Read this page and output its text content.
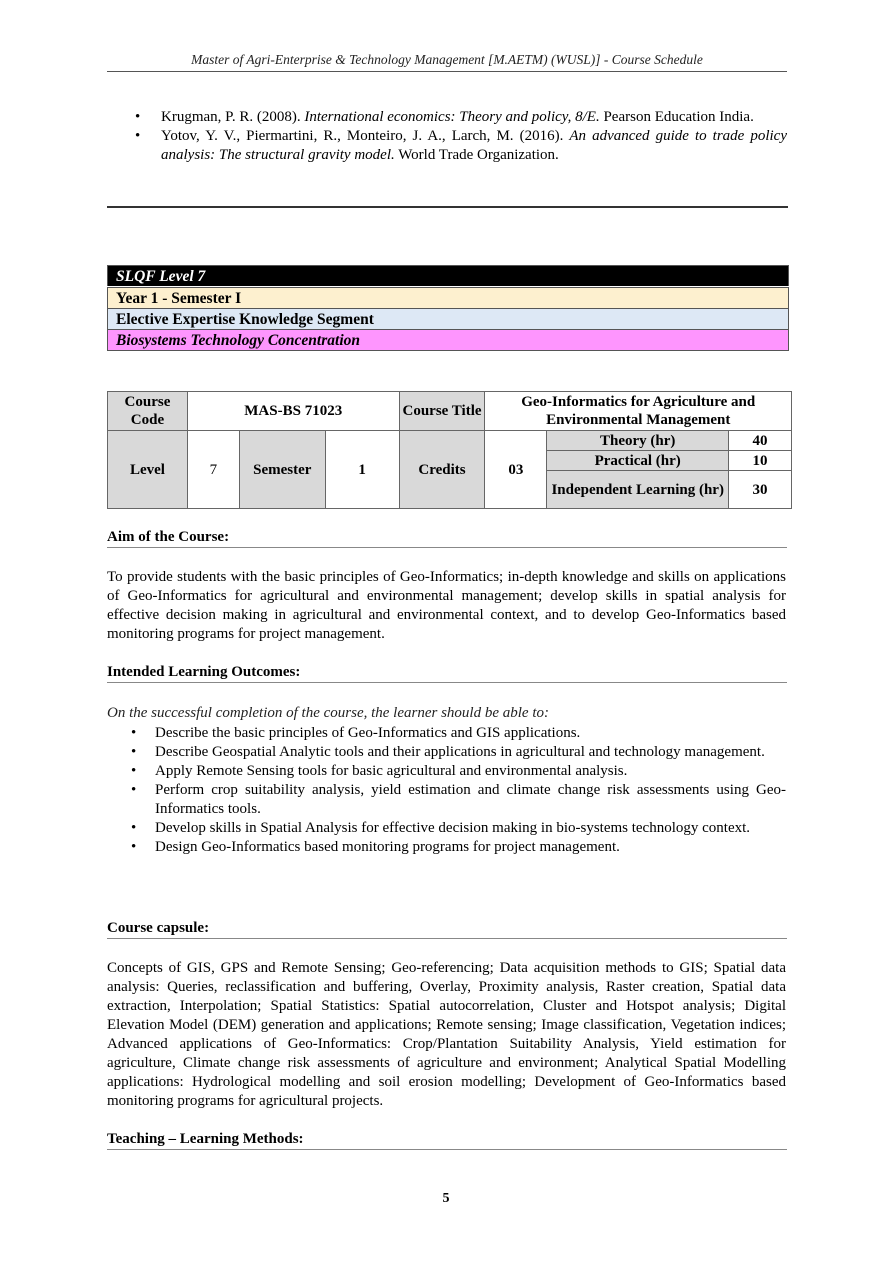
Master of Agri-Enterprise & Technology Management [M.AETM) (WUSL)] - Course Schedule
• Krugman, P. R. (2008). International economics: Theory and policy, 8/E. Pearson Education India.
• Yotov, Y. V., Piermartini, R., Monteiro, J. A., Larch, M. (2016). An advanced guide to trade policy analysis: The structural gravity model. World Trade Organization.
SLQF Level 7
Year 1 - Semester I
Elective Expertise Knowledge Segment
Biosystems Technology Concentration
Course Code	MAS-BS 71023			Course Title	Geo-Informatics for Agriculture and Environmental Management		
Level	7	Semester	1	Credits	03	Theory (hr)	40
						Practical (hr)	10
						Independent Learning (hr)	30
Aim of the Course:
To provide students with the basic principles of Geo-Informatics; in-depth knowledge and skills on applications of Geo-Informatics for agricultural and environmental management; develop skills in spatial analysis for effective decision making in agricultural and environmental context, and to develop Geo-Informatics based monitoring programs for project management.
Intended Learning Outcomes:
On the successful completion of the course, the learner should be able to:
• Describe the basic principles of Geo-Informatics and GIS applications.
• Describe Geospatial Analytic tools and their applications in agricultural and technology management.
• Apply Remote Sensing tools for basic agricultural and environmental analysis.
• Perform crop suitability analysis, yield estimation and climate change risk assessments using Geo-Informatics tools.
• Develop skills in Spatial Analysis for effective decision making in bio-systems technology context.
• Design Geo-Informatics based monitoring programs for project management.
Course capsule:
Concepts of GIS, GPS and Remote Sensing; Geo-referencing; Data acquisition methods to GIS; Spatial data analysis: Queries, reclassification and buffering, Overlay, Proximity analysis, Raster creation, Spatial data extraction, Interpolation; Spatial Statistics: Spatial autocorrelation, Cluster and Hotspot analysis; Digital Elevation Model (DEM) generation and applications; Remote sensing; Image classification, Vegetation indices; Advanced applications of Geo-Informatics: Crop/Plantation Suitability Analysis, Yield estimation for agriculture, Climate change risk assessments of agriculture and environment; Analytical Spatial Modelling applications: Hydrological modelling and soil erosion modelling; Development of Geo-Informatics based monitoring programs for agricultural projects.
Teaching – Learning Methods:
5
